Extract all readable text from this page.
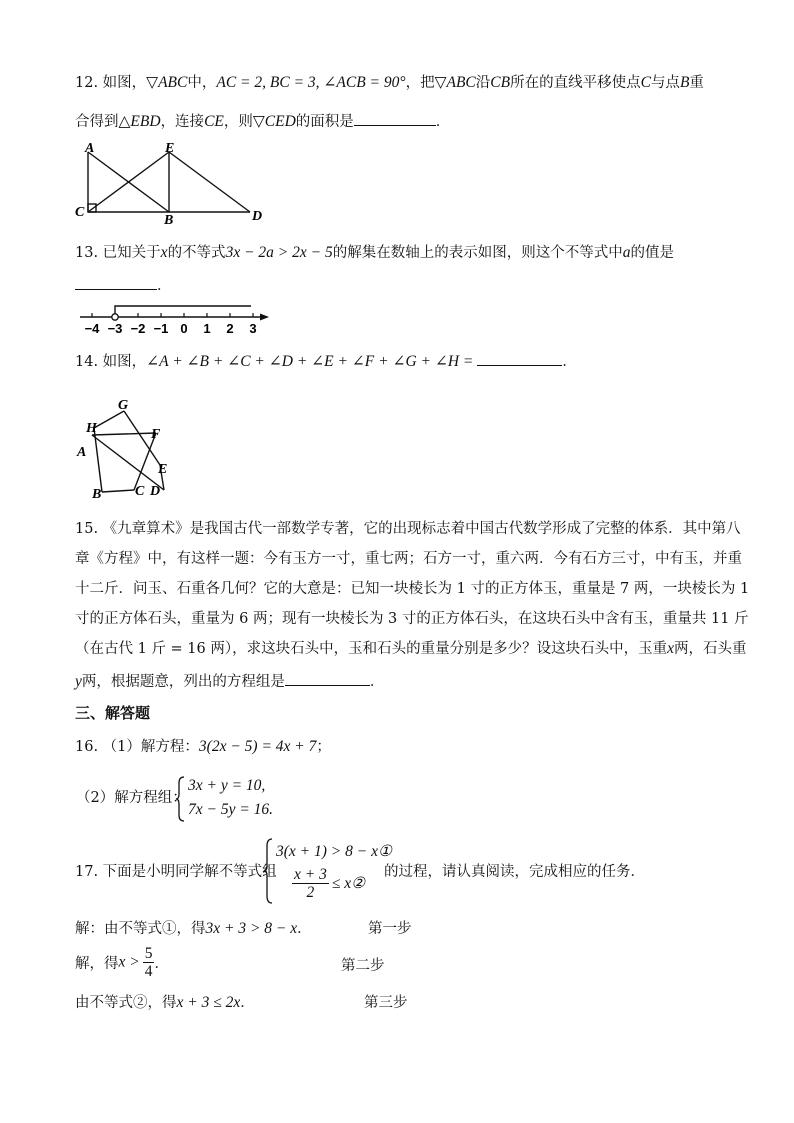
12. 如图，▽ABC中，AC = 2, BC = 3, ∠ACB = 90°，把▽ABC沿CB所在的直线平移使点C与点B重
合得到△EBD，连接CE，则▽CED的面积是	．
A	E
C
B	D
13. 已知关于x的不等式3x − 2a > 2x − 5的解集在数轴上的表示如图，则这个不等式中a的值是
．
−4 −3 −2 −1 0 1 2 3
14. 如图，∠A + ∠B + ∠C + ∠D + ∠E + ∠F + ∠G + ∠H =	．
G
H	F
A
E
B C D
15. 《九章算术》是我国古代一部数学专著，它的出现标志着中国古代数学形成了完整的体系．其中第八
章《方程》中，有这样一题：今有玉方一寸，重七两；石方一寸，重六两．今有石方三寸，中有玉，并重
十二斤．问玉、石重各几何？它的大意是：已知一块棱长为 1 寸的正方体玉，重量是 7 两，一块棱长为 1
寸的正方体石头，重量为 6 两；现有一块棱长为 3 寸的正方体石头，在这块石头中含有玉，重量共 11 斤
（在古代 1 斤 = 16 两），求这块石头中，玉和石头的重量分别是多少？设这块石头中，玉重x两，石头重
y两，根据题意，列出的方程组是	．
三、解答题
16. （1）解方程：3(2x − 5) = 4x + 7；
（2）解方程组：
3x + y = 10,
7x − 5y = 16.
17. 下面是小明同学解不等式组
3(x + 1) > 8 − x①
$\frac{x + 3}{2}$ ≤ x②
的过程，请认真阅读，完成相应的任务．
解：由不等式①，得3x + 3 > 8 − x．	第一步
解，得$x > \frac{5}{4}$ ．	第二步
由不等式②，得x + 3 ≤ 2x．	第三步
